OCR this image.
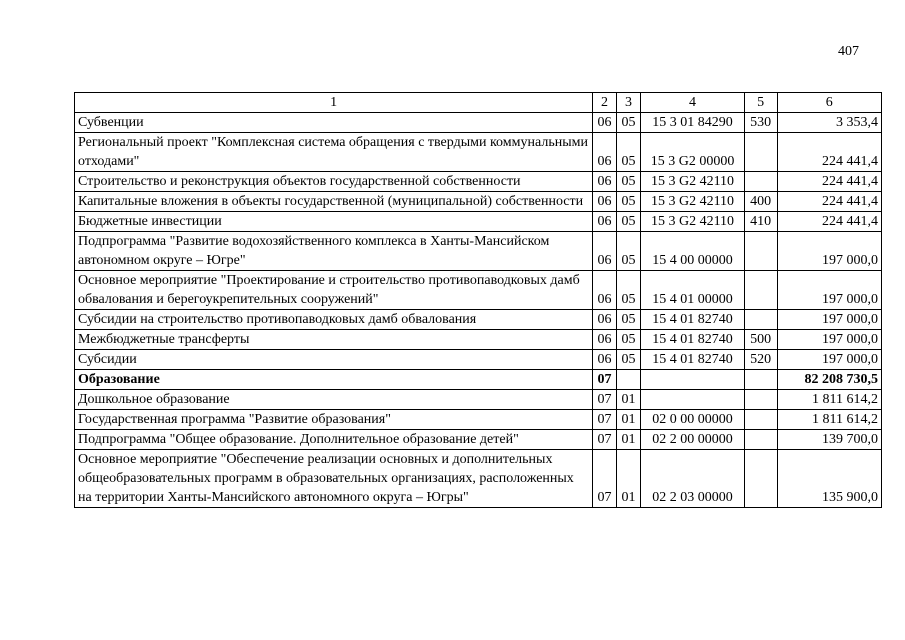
407
1	2	3	4	5	6
Субвенции	06	05	15 3 01 84290	530	3 353,4
Региональный проект "Комплексная система обращения с твердыми коммунальными отходами"	06	05	15 3 G2 00000		224 441,4
Строительство и реконструкция объектов государственной собственности	06	05	15 3 G2 42110		224 441,4
Капитальные вложения в объекты государственной (муниципальной) собственности	06	05	15 3 G2 42110	400	224 441,4
Бюджетные инвестиции	06	05	15 3 G2 42110	410	224 441,4
Подпрограмма "Развитие водохозяйственного комплекса в Ханты-Мансийском автономном округе – Югре"	06	05	15 4 00 00000		197 000,0
Основное мероприятие "Проектирование и строительство противопаводковых дамб обвалования и берегоукрепительных сооружений"	06	05	15 4 01 00000		197 000,0
Субсидии на строительство противопаводковых дамб обвалования	06	05	15 4 01 82740		197 000,0
Межбюджетные трансферты	06	05	15 4 01 82740	500	197 000,0
Субсидии	06	05	15 4 01 82740	520	197 000,0
Образование	07				82 208 730,5
Дошкольное образование	07	01			1 811 614,2
Государственная программа "Развитие образования"	07	01	02 0 00 00000		1 811 614,2
Подпрограмма "Общее образование. Дополнительное образование детей"	07	01	02 2 00 00000		139 700,0
Основное мероприятие "Обеспечение реализации основных и дополнительных общеобразовательных программ в образовательных организациях, расположенных на территории Ханты-Мансийского автономного округа – Югры"	07	01	02 2 03 00000		135 900,0
